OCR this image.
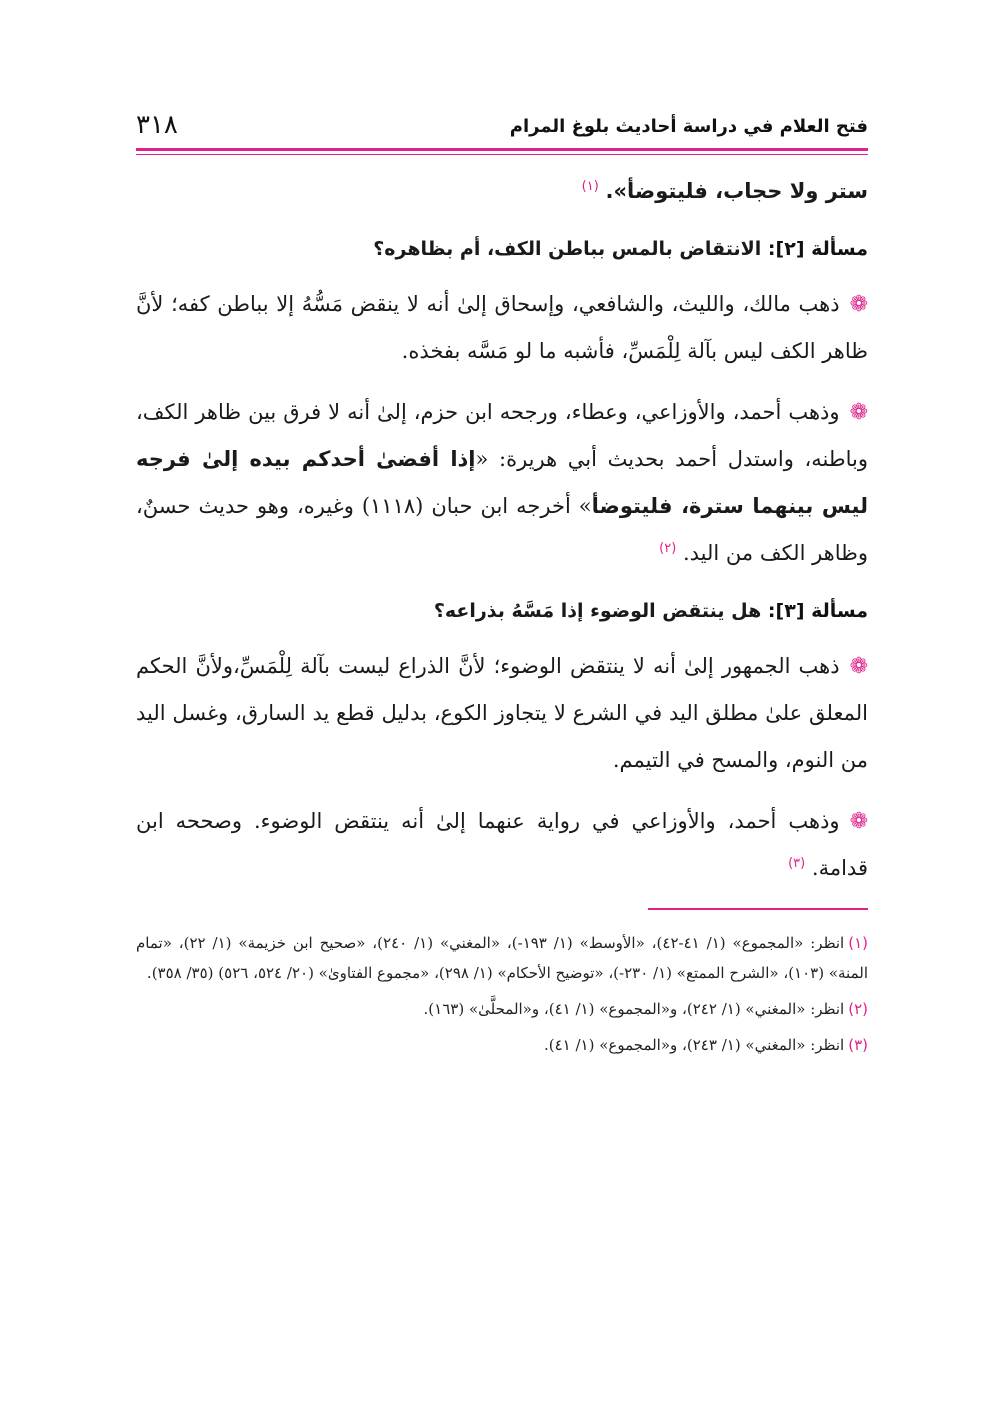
فتح العلام في دراسة أحاديث بلوغ المرام
٣١٨

ستر ولا حجاب، فليتوضأ». $^{(١)}$

مسألة [٢]: الانتقاض بالمس بباطن الكف، أم بظاهره؟

❁ذهب مالك، والليث، والشافعي، وإسحاق إلىٰ أنه لا ينقض مَسُّهُ إلا بباطن كفه؛ لأنَّ ظاهر الكف ليس بآلة لِلْمَسِّ، فأشبه ما لو مَسَّه بفخذه.

❁وذهب أحمد، والأوزاعي، وعطاء، ورجحه ابن حزم، إلىٰ أنه لا فرق بين ظاهر الكف، وباطنه، واستدل أحمد بحديث أبي هريرة: «إذا أفضىٰ أحدكم بيده إلىٰ فرجه ليس بينهما سترة، فليتوضأ» أخرجه ابن حبان (١١١٨) وغيره، وهو حديث حسنٌ، وظاهر الكف من اليد. $^{(٢)}$

مسألة [٣]: هل ينتقض الوضوء إذا مَسَّهُ بذراعه؟

❁ذهب الجمهور إلىٰ أنه لا ينتقض الوضوء؛ لأنَّ الذراع ليست بآلة لِلْمَسِّ،ولأنَّ الحكم المعلق علىٰ مطلق اليد في الشرع لا يتجاوز الكوع، بدليل قطع يد السارق، وغسل اليد من النوم، والمسح في التيمم.

❁وذهب أحمد، والأوزاعي في رواية عنهما إلىٰ أنه ينتقض الوضوء. وصححه ابن قدامة. $^{(٣)}$

(١)انظر: «المجموع» (١/ ٤١-٤٢)، «الأوسط» (١/ ١٩٣-)، «المغني» (١/ ٢٤٠)، «صحيح ابن خزيمة» (١/ ٢٢)، «تمام المنة» (١٠٣)، «الشرح الممتع» (١/ ٢٣٠-)، «توضيح الأحكام» (١/ ٢٩٨)، «مجموع الفتاوىٰ» (٢٠/ ٥٢٤، ٥٢٦) (٣٥/ ٣٥٨).

(٢)انظر: «المغني» (١/ ٢٤٢)، و«المجموع» (١/ ٤١)، و«المحلَّىٰ» (١٦٣).

(٣)انظر: «المغني» (١/ ٢٤٣)، و«المجموع» (١/ ٤١).
